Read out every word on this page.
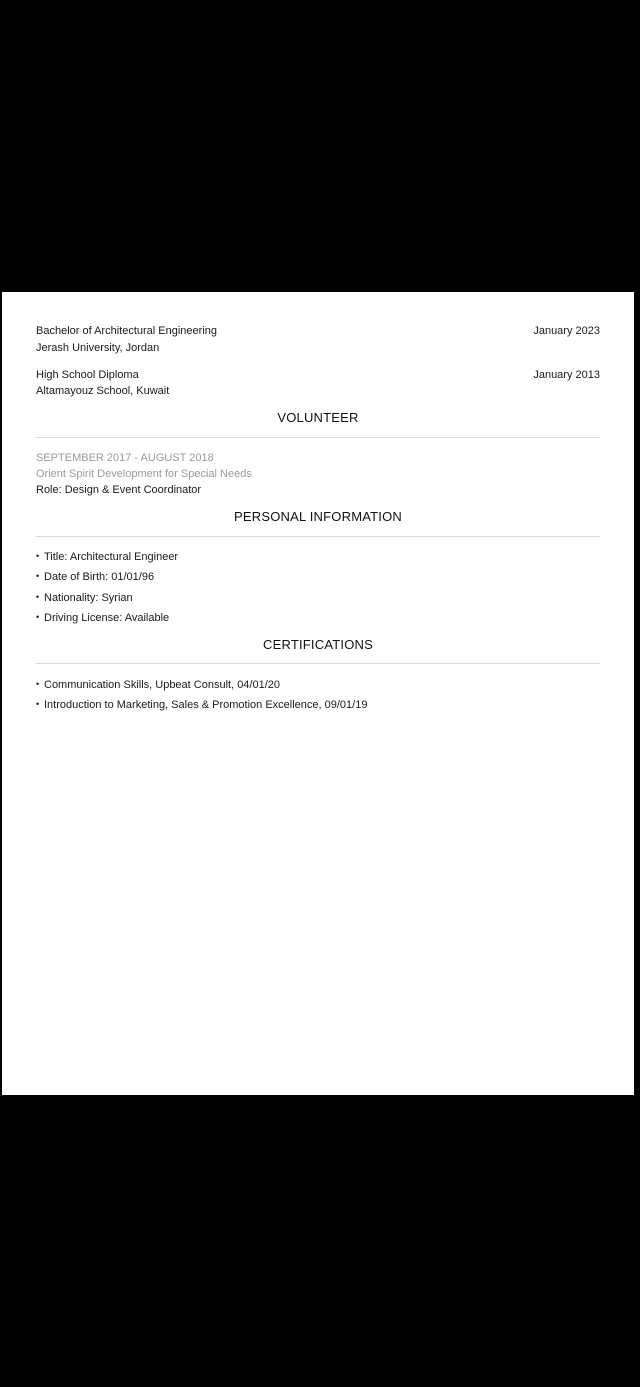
Bachelor of Architectural Engineering	January 2023
Jerash University, Jordan
High School Diploma	January 2013
Altamayouz School, Kuwait
VOLUNTEER
SEPTEMBER 2017 - AUGUST 2018
Orient Spirit Development for Special Needs
Role: Design & Event Coordinator
PERSONAL INFORMATION
• Title: Architectural Engineer
• Date of Birth: 01/01/96
• Nationality: Syrian
• Driving License: Available
CERTIFICATIONS
• Communication Skills, Upbeat Consult, 04/01/20
• Introduction to Marketing, Sales & Promotion Excellence, 09/01/19
